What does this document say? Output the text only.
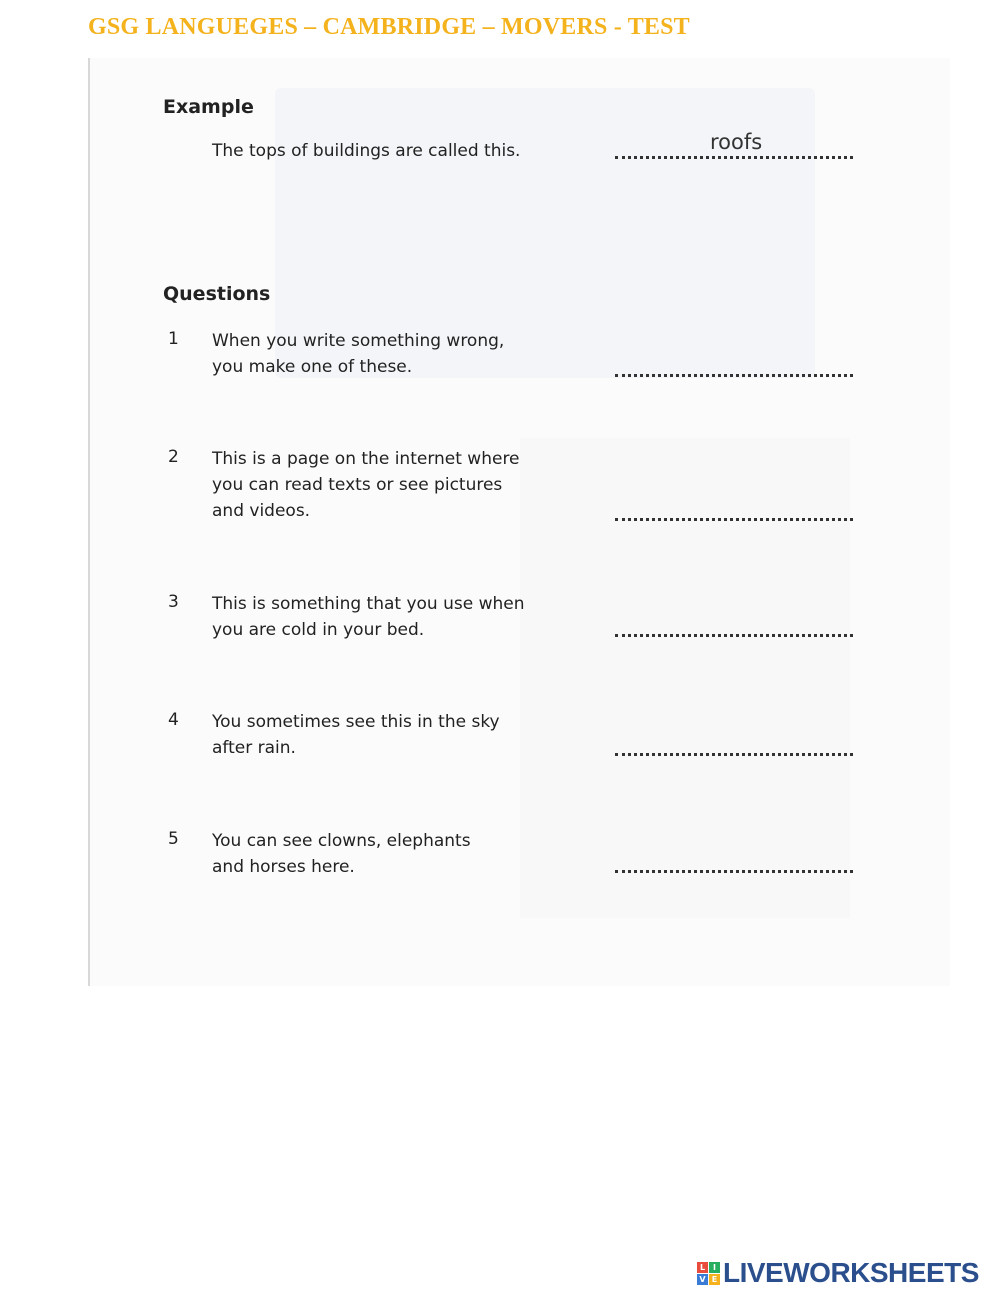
GSG LANGUEGES – CAMBRIDGE – MOVERS - TEST
Example
The tops of buildings are called this.	roofs
Questions
1 When you write something wrong,
you make one of these.
2 This is a page on the internet where
you can read texts or see pictures
and videos.
3 This is something that you use when
you are cold in your bed.
4 You sometimes see this in the sky
after rain.
5 You can see clowns, elephants
and horses here.
L I
V E LIVEWORKSHEETS
